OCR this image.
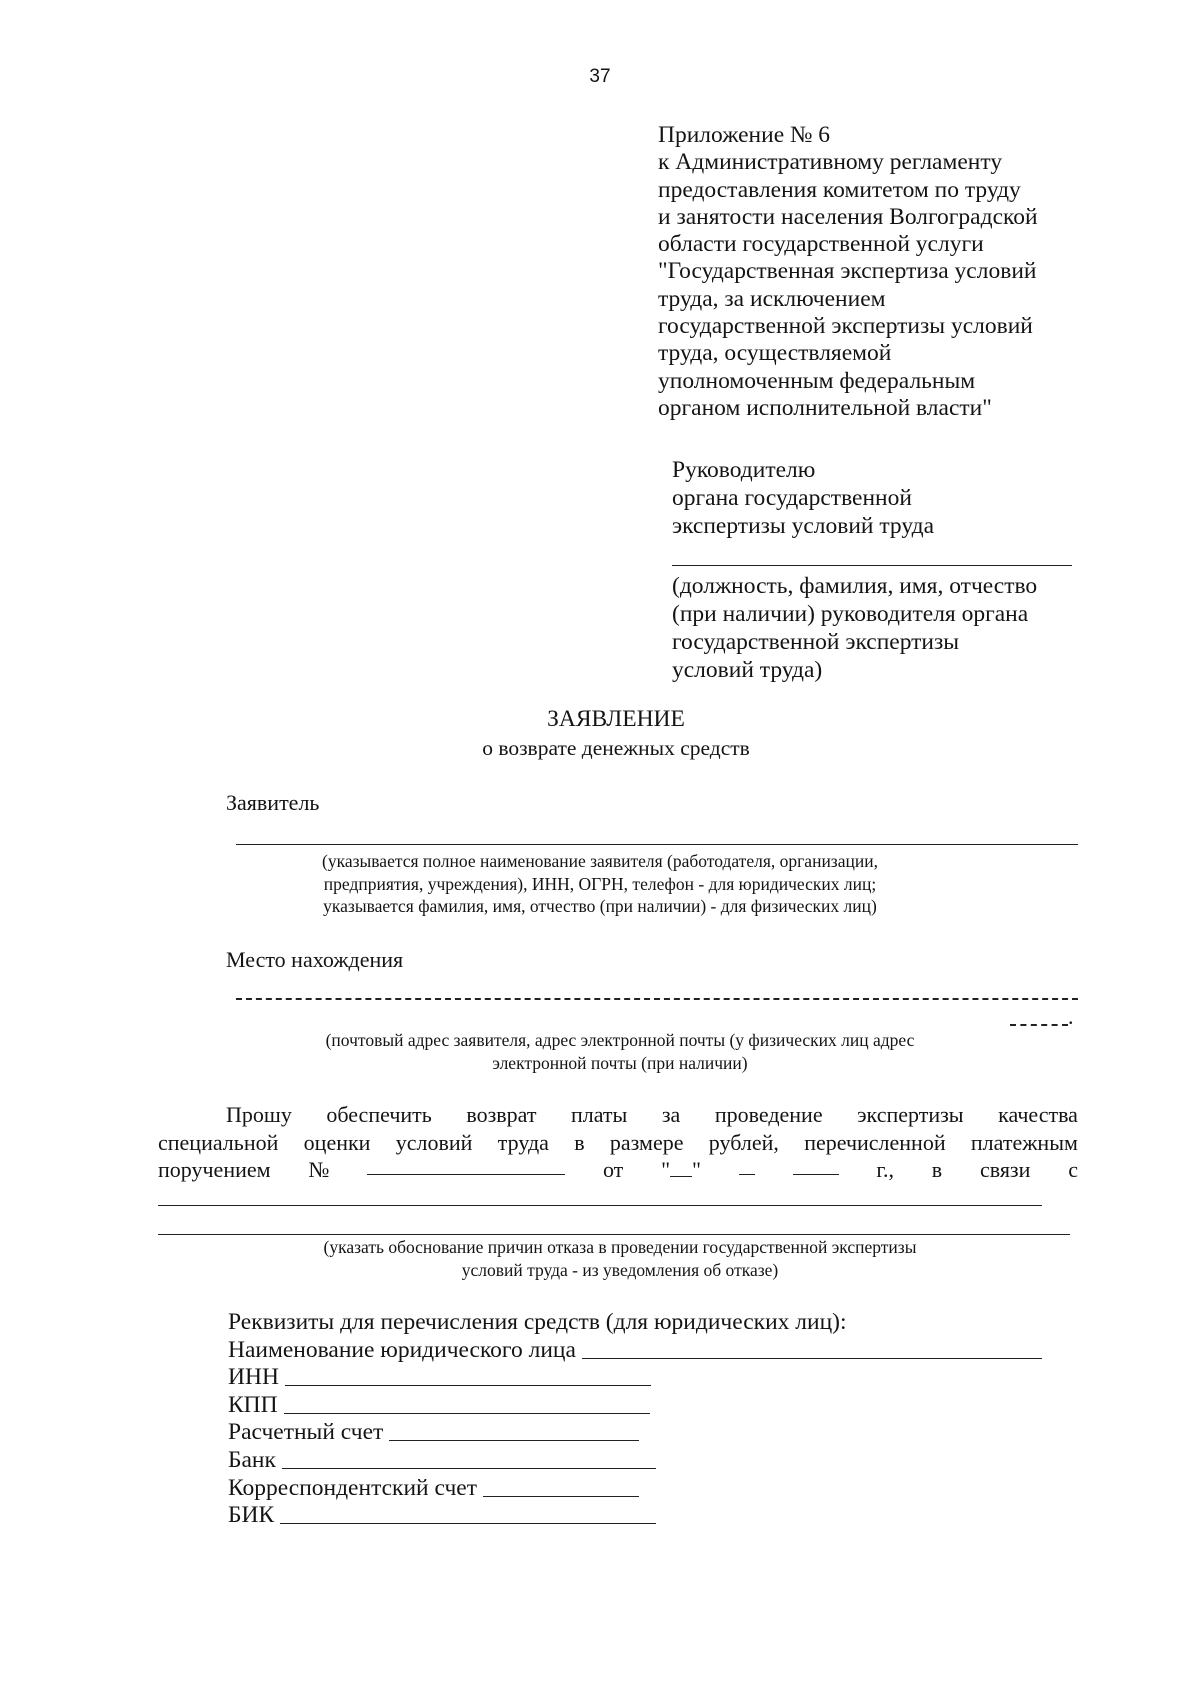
37
Приложение № 6
к Административному регламенту
предоставления комитетом по труду
и занятости населения Волгоградской
области государственной услуги
"Государственная экспертиза условий
труда, за исключением
государственной экспертизы условий
труда, осуществляемой
уполномоченным федеральным
органом исполнительной власти"
Руководителю
органа государственной
экспертизы условий труда
(должность, фамилия, имя, отчество
(при наличии) руководителя органа
государственной экспертизы
условий труда)
ЗАЯВЛЕНИЕ
о возврате денежных средств
Заявитель
(указывается полное наименование заявителя (работодателя, организации,
предприятия, учреждения), ИНН, ОГРН, телефон - для юридических лиц;
указывается фамилия, имя, отчество (при наличии) - для физических лиц)
Место нахождения
.
(почтовый адрес заявителя, адрес электронной почты (у физических лиц адрес
электронной почты (при наличии)
Прошу обеспечить возврат платы за проведение экспертизы качества
специальной оценки условий труда в размере рублей, перечисленной платежным
поручением №	от " "	г., в связи с
(указать обоснование причин отказа в проведении государственной экспертизы
условий труда - из уведомления об отказе)
Реквизиты для перечисления средств (для юридических лиц):
Наименование юридического лица
ИНН
КПП
Расчетный счет
Банк
Корреспондентский счет
БИК
